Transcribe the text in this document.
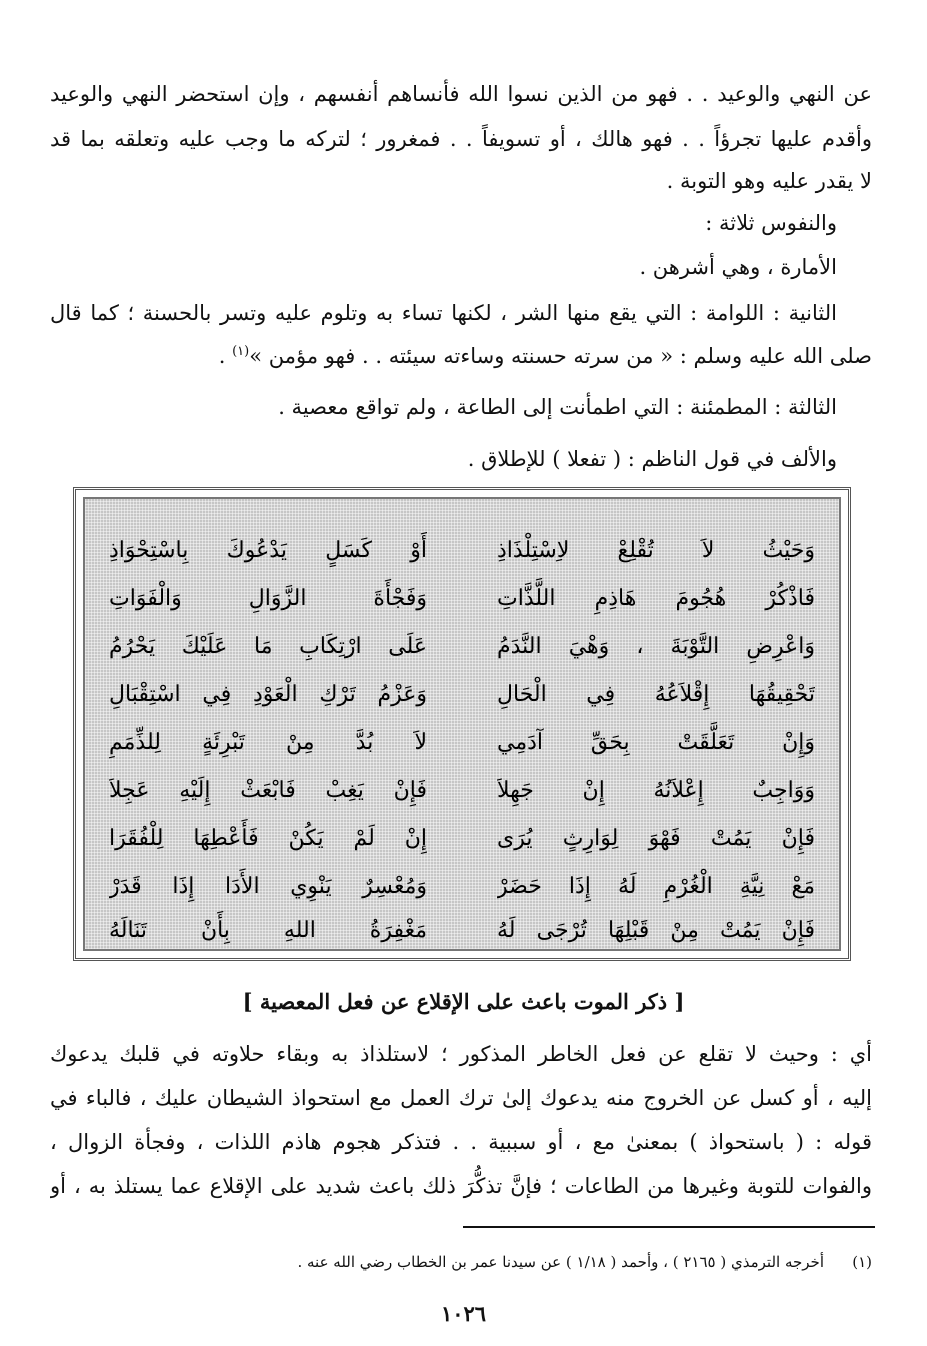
عن النهي والوعيد . . فهو من الذين نسوا الله فأنساهم أنفسهم ، وإن استحضر النهي والوعيد
وأقدم عليها تجرؤاً . . فهو هالك ، أو تسويفاً . . فمغرور ؛ لتركه ما وجب عليه وتعلقه بما قد
لا يقدر عليه وهو التوبة .
والنفوس ثلاثة :
الأمارة ، وهي أشرهن .
الثانية : اللوامة : التي يقع منها الشر ، لكنها تساء به وتلوم عليه وتسر بالحسنة ؛ كما قال
صلى الله عليه وسلم : « من سرته حسنته وساءته سيئته . . فهو مؤمن »$^{(١)}$ .
الثالثة : المطمئنة : التي اطمأنت إلى الطاعة ، ولم تواقع معصية .
والألف في قول الناظم : ( تفعلا ) للإطلاق .
وَحَيْثُ لاَ تُقْلِعْ لاِسْتِلْذَاذِ
أَوْ كَسَلٍ يَدْعُوكَ بِاسْتِحْوَاذِ
فَاذْكُرْ هُجُومَ هَاذِمِ اللَّذَّاتِ
وَفَجْأَةَ الزَّوَالِ وَالْفَوَاتِ
وَاعْرِضِ التَّوْبَةَ ، وَهْيَ النَّدَمُ
عَلَى ارْتِكَابِ مَا عَلَيْكَ يَحْرُمُ
تَحْقِيقُهَا إِقْلاَعُهُ فِي الْحَالِ
وَعَزْمُ تَرْكِ الْعَوْدِ فِي اسْتِقْبَالِ
وَإِنْ تَعَلَّقَتْ بِحَقِّ آدَمِي
لاَ بُدَّ مِنْ تَبْرِئَةٍ لِلذِّمَمِ
وَوَاجِبٌ إِعْلاَنُهُ إِنْ جَهِلاَ
فَإِنْ يَغِبْ فَابْعَثْ إِلَيْهِ عَجِلاَ
فَإِنْ يَمُتْ فَهْوَ لِوَارِثٍ يُرَى
إِنْ لَمْ يَكُنْ فَأَعْطِهَا لِلْفُقَرَا
مَعْ نِيَّةِ الْغُرْمِ لَهُ إِذَا حَضَرْ
وَمُعْسِرٌ يَنْوِي الأَدَا إِذَا قَدَرْ
فَإِنْ يَمُتْ مِنْ قَبْلِهَا تُرْجَى لَهُ
مَغْفِرَةُ اللهِ بِأَنْ تَنَالَهُ
[ ذكر الموت باعث على الإقلاع عن فعل المعصية ]
أي : وحيث لا تقلع عن فعل الخاطر المذكور ؛ لاستلذاذ به وبقاء حلاوته في قلبك يدعوك
إليه ، أو كسل عن الخروج منه يدعوك إلىٰ ترك العمل مع استحواذ الشيطان عليك ، فالباء في
قوله : ( باستحواذ ) بمعنىٰ مع ، أو سببية . . فتذكر هجوم هاذم اللذات ، وفجأة الزوال ،
والفوات للتوبة وغيرها من الطاعات ؛ فإنَّ تذكُّرَ ذلك باعث شديد على الإقلاع عما يستلذ به ، أو
(١)أخرجه الترمذي ( ٢١٦٥ ) ، وأحمد ( ١/١٨ ) عن سيدنا عمر بن الخطاب رضي الله عنه .
١٠٢٦
